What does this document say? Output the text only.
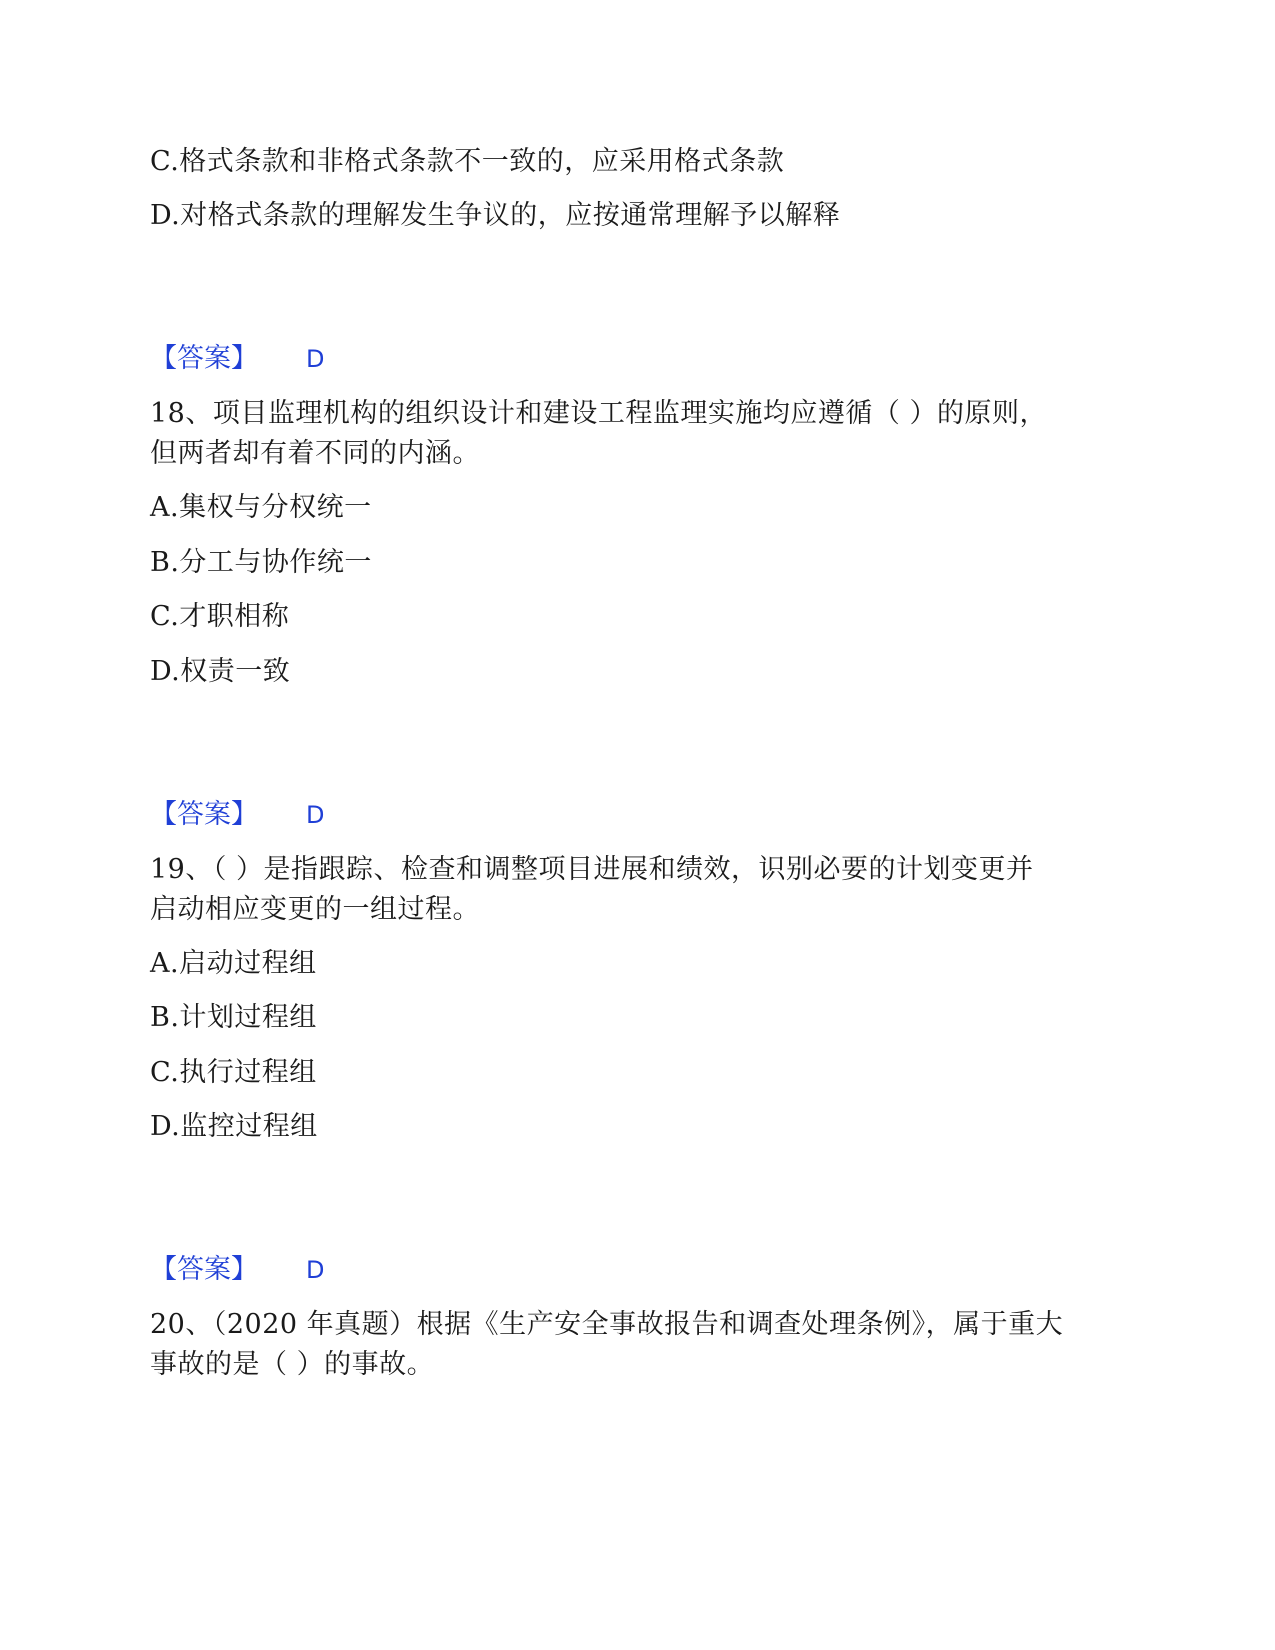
C.格式条款和非格式条款不一致的，应采用格式条款
D.对格式条款的理解发生争议的，应按通常理解予以解释
【答案】 D
18、项目监理机构的组织设计和建设工程监理实施均应遵循（ ）的原则，
但两者却有着不同的内涵。
A.集权与分权统一
B.分工与协作统一
C.才职相称
D.权责一致
【答案】 D
19、（ ）是指跟踪、检查和调整项目进展和绩效，识别必要的计划变更并
启动相应变更的一组过程。
A.启动过程组
B.计划过程组
C.执行过程组
D.监控过程组
【答案】 D
20、（2020 年真题）根据《生产安全事故报告和调查处理条例》，属于重大
事故的是（ ）的事故。
